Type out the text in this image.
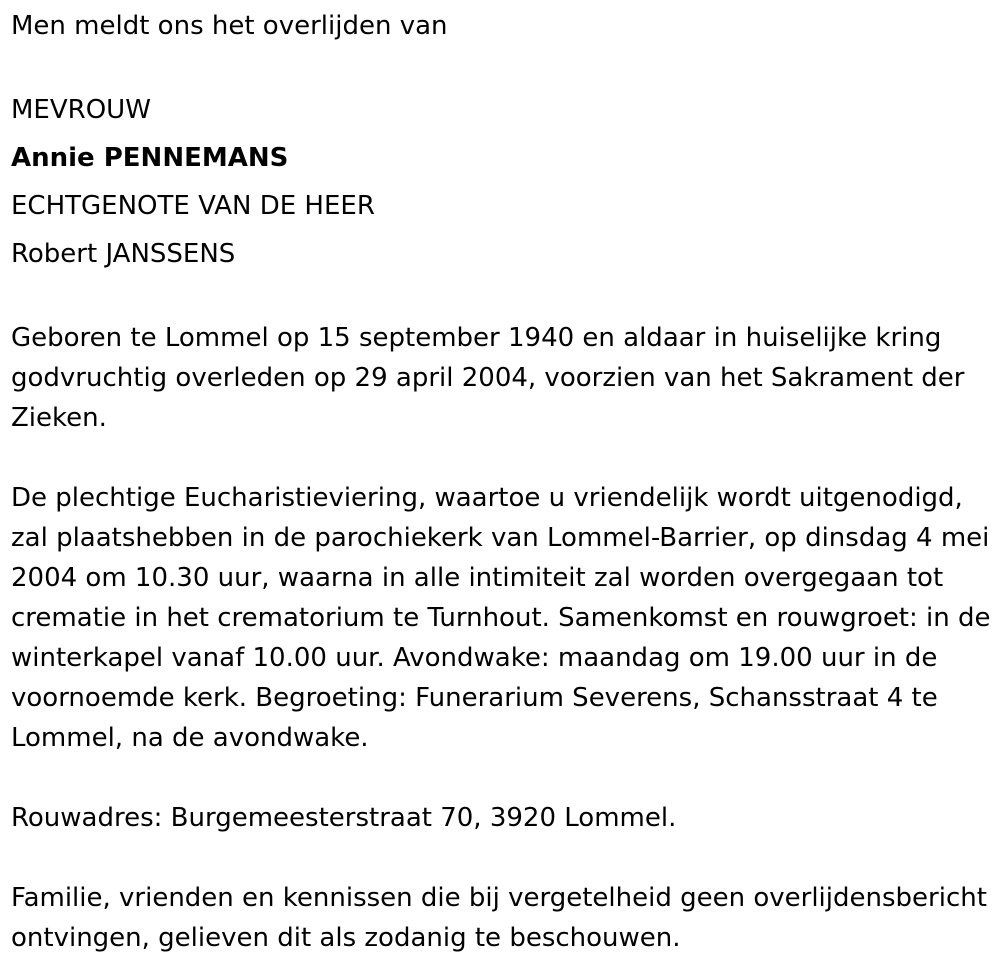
Men meldt ons het overlijden van

MEVROUW

Annie PENNEMANS

ECHTGENOTE VAN DE HEER

Robert JANSSENS

Geboren te Lommel op 15 september 1940 en aldaar in huiselijke kring godvruchtig overleden op 29 april 2004, voorzien van het Sakrament der Zieken.

De plechtige Eucharistieviering, waartoe u vriendelijk wordt uitgenodigd, zal plaatshebben in de parochiekerk van Lommel-Barrier, op dinsdag 4 mei 2004 om 10.30 uur, waarna in alle intimiteit zal worden overgegaan tot crematie in het crematorium te Turnhout. Samenkomst en rouwgroet: in de winterkapel vanaf 10.00 uur. Avondwake: maandag om 19.00 uur in de voornoemde kerk. Begroeting: Funerarium Severens, Schansstraat 4 te Lommel, na de avondwake.

Rouwadres: Burgemeesterstraat 70, 3920 Lommel.

Familie, vrienden en kennissen die bij vergetelheid geen overlijdensbericht ontvingen, gelieven dit als zodanig te beschouwen.
